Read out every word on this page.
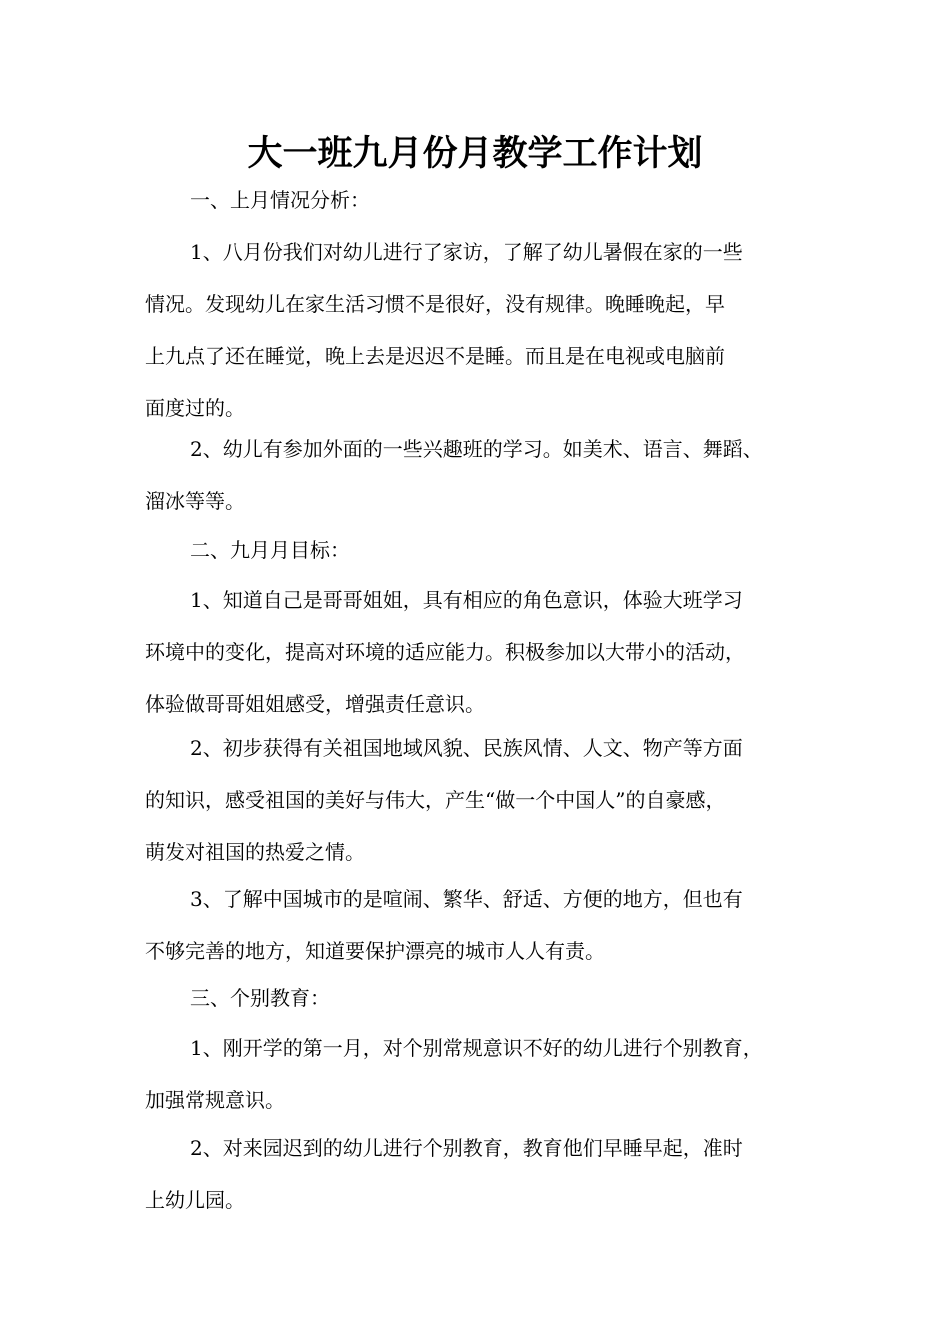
大一班九月份月教学工作计划

一、上月情况分析：

1、八月份我们对幼儿进行了家访，了解了幼儿暑假在家的一些
情况。发现幼儿在家生活习惯不是很好，没有规律。晚睡晚起，早
上九点了还在睡觉，晚上去是迟迟不是睡。而且是在电视或电脑前
面度过的。
2、幼儿有参加外面的一些兴趣班的学习。如美术、语言、舞蹈、
溜冰等等。

二、九月月目标：

1、知道自己是哥哥姐姐，具有相应的角色意识，体验大班学习
环境中的变化，提高对环境的适应能力。积极参加以大带小的活动，
体验做哥哥姐姐感受，增强责任意识。
2、初步获得有关祖国地域风貌、民族风情、人文、物产等方面
的知识，感受祖国的美好与伟大，产生“做一个中国人”的自豪感，
萌发对祖国的热爱之情。
3、了解中国城市的是喧闹、繁华、舒适、方便的地方，但也有
不够完善的地方，知道要保护漂亮的城市人人有责。

三、个别教育：

1、刚开学的第一月，对个别常规意识不好的幼儿进行个别教育，
加强常规意识。
2、对来园迟到的幼儿进行个别教育，教育他们早睡早起，准时
上幼儿园。
